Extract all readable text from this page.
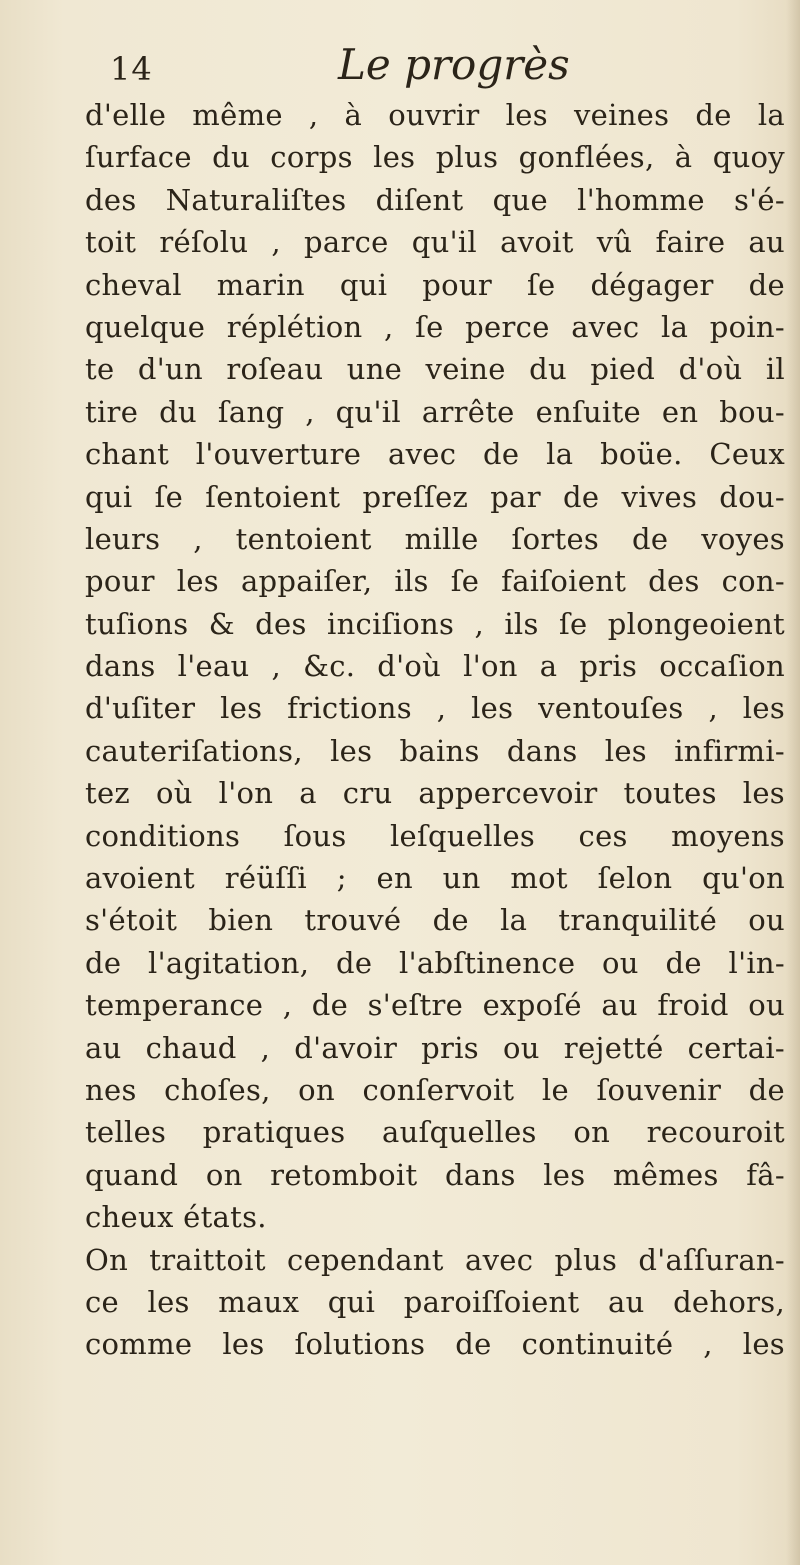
14	Le progrès
d'elle même , à ouvrir les veines de la
ſurface du corps les plus gonflées, à quoy
des Naturaliſtes diſent que l'homme s'é-
toit réſolu , parce qu'il avoit vû faire au
cheval marin qui pour ſe dégager de
quelque réplétion , ſe perce avec la poin-
te d'un roſeau une veine du pied d'où il
tire du ſang , qu'il arrête enſuite en bou-
chant l'ouverture avec de la boüe. Ceux
qui ſe ſentoient preſſez par de vives dou-
leurs , tentoient mille ſortes de voyes
pour les appaiſer, ils ſe faiſoient des con-
tuſions & des inciſions , ils ſe plongeoient
dans l'eau , &c. d'où l'on a pris occaſion
d'uſiter les frictions , les ventouſes , les
cauteriſations, les bains dans les infirmi-
tez où l'on a cru appercevoir toutes les
conditions ſous leſquelles ces moyens
avoient réüſſi ; en un mot ſelon qu'on
s'étoit bien trouvé de la tranquilité ou
de l'agitation, de l'abſtinence ou de l'in-
temperance , de s'eſtre expoſé au froid ou
au chaud , d'avoir pris ou rejetté certai-
nes choſes, on conſervoit le ſouvenir de
telles pratiques auſquelles on recouroit
quand on retomboit dans les mêmes fâ-
cheux états.
On traittoit cependant avec plus d'aſſuran-
ce les maux qui paroiſſoient au dehors,
comme les ſolutions de continuité , les
